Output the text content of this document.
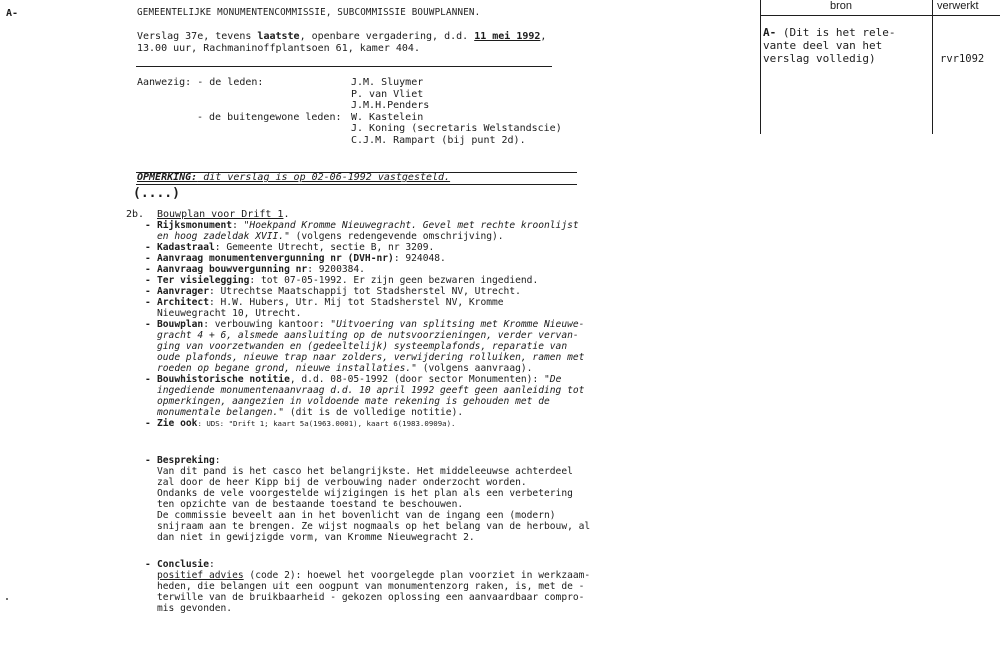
A-	GEMEENTELIJKE MONUMENTENCOMMISSIE, SUBCOMMISSIE BOUWPLANNEN.
Verslag 37e, tevens laatste, openbare vergadering, d.d. 11 mei 1992,
13.00 uur, Rachmaninoffplantsoen 61, kamer 404.
Aanwezig: - de leden:	J.M. Sluymer
P. van Vliet
J.M.H.Penders
- de buitengewone leden: W. Kastelein
J. Koning (secretaris Welstandscie)
C.J.M. Rampart (bij punt 2d).
OPMERKING: dit verslag is op 02-06-1992 vastgesteld.
(....)
2b. Bouwplan voor Drift 1.
- Rijksmonument: "Hoekpand Kromme Nieuwegracht. Gevel met rechte kroonlijst
en hoog zadeldak XVII." (volgens redengevende omschrijving).
- Kadastraal: Gemeente Utrecht, sectie B, nr 3209.
- Aanvraag monumentenvergunning nr (DVH-nr): 924048.
- Aanvraag bouwvergunning nr: 9200384.
- Ter visielegging: tot 07-05-1992. Er zijn geen bezwaren ingediend.
- Aanvrager: Utrechtse Maatschappij tot Stadsherstel NV, Utrecht.
- Architect: H.W. Hubers, Utr. Mij tot Stadsherstel NV, Kromme
Nieuwegracht 10, Utrecht.
- Bouwplan: verbouwing kantoor: "Uitvoering van splitsing met Kromme Nieuwe-
gracht 4 + 6, alsmede aansluiting op de nutsvoorzieningen, verder vervan-
ging van voorzetwanden en (gedeeltelijk) systeemplafonds, reparatie van
oude plafonds, nieuwe trap naar zolders, verwijdering rolluiken, ramen met
roeden op begane grond, nieuwe installaties." (volgens aanvraag).
- Bouwhistorische notitie, d.d. 08-05-1992 (door sector Monumenten): "De
ingediende monumentenaanvraag d.d. 10 april 1992 geeft geen aanleiding tot
opmerkingen, aangezien in voldoende mate rekening is gehouden met de
monumentale belangen." (dit is de volledige notitie).
- Zie ook: UDS: "Drift 1; kaart 5a(1963.0001), kaart 6(1983.0909a).
- Bespreking:
Van dit pand is het casco het belangrijkste. Het middeleeuwse achterdeel
zal door de heer Kipp bij de verbouwing nader onderzocht worden.
Ondanks de vele voorgestelde wijzigingen is het plan als een verbetering
ten opzichte van de bestaande toestand te beschouwen.
De commissie beveelt aan in het bovenlicht van de ingang een (modern)
snijraam aan te brengen. Ze wijst nogmaals op het belang van de herbouw, al
dan niet in gewijzigde vorm, van Kromme Nieuwegracht 2.
- Conclusie:
positief advies (code 2): hoewel het voorgelegde plan voorziet in werkzaam-
heden, die belangen uit een oogpunt van monumentenzorg raken, is, met de -
terwille van de bruikbaarheid - gekozen oplossing een aanvaardbaar compro-
mis gevonden.
bron	verwerkt
A- (Dit is het rele-
vante deel van het
verslag volledig)	rvr1092
